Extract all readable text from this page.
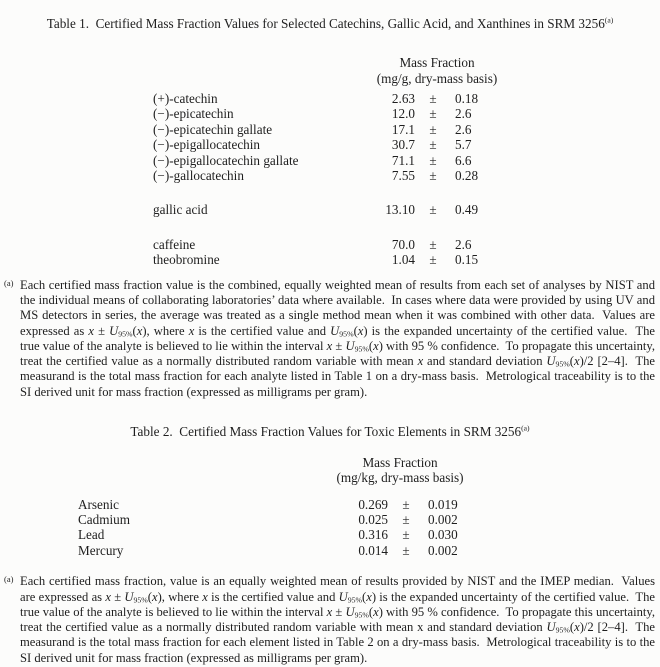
Table 1.  Certified Mass Fraction Values for Selected Catechins, Gallic Acid, and Xanthines in SRM 3256$^{(a)}$
Mass Fraction
(mg/g, dry-mass basis)
(+)-catechin	2.63	±	0.18
(−)-epicatechin	12.0	±	2.6
(−)-epicatechin gallate	17.1	±	2.6
(−)-epigallocatechin	30.7	±	5.7
(−)-epigallocatechin gallate	71.1	±	6.6
(−)-gallocatechin	7.55	±	0.28
gallic acid	13.10	±	0.49
caffeine	70.0	±	2.6
theobromine	1.04	±	0.15
(a) Each certified mass fraction value is the combined, equally weighted mean of results from each set of analyses by NIST and the individual means of collaborating laboratories’ data where available.  In cases where data were provided by using UV and MS detectors in series, the average was treated as a single method mean when it was combined with other data.  Values are expressed as $x \pm U_{95\%}(x)$, where x is the certified value and $U_{95\%}(x)$ is the expanded uncertainty of the certified value.  The true value of the analyte is believed to lie within the interval $x \pm U_{95\%}(x)$ with 95 % confidence.  To propagate this uncertainty, treat the certified value as a normally distributed random variable with mean x and standard deviation $U_{95\%}(x)/2$ [2–4].  The measurand is the total mass fraction for each analyte listed in Table 1 on a dry-mass basis.  Metrological traceability is to the SI derived unit for mass fraction (expressed as milligrams per gram).
Table 2.  Certified Mass Fraction Values for Toxic Elements in SRM 3256$^{(a)}$
Mass Fraction
(mg/kg, dry-mass basis)
Arsenic	0.269	±	0.019
Cadmium	0.025	±	0.002
Lead	0.316	±	0.030
Mercury	0.014	±	0.002
(a) Each certified mass fraction, value is an equally weighted mean of results provided by NIST and the IMEP median.  Values are expressed as $x \pm U_{95\%}(x)$, where x is the certified value and $U_{95\%}(x)$ is the expanded uncertainty of the certified value.  The true value of the analyte is believed to lie within the interval $x \pm U_{95\%}(x)$ with 95 % confidence.  To propagate this uncertainty, treat the certified value as a normally distributed random variable with mean x and standard deviation $U_{95\%}(x)/2$ [2–4].  The measurand is the total mass fraction for each element listed in Table 2 on a dry-mass basis.  Metrological traceability is to the SI derived unit for mass fraction (expressed as milligrams per gram).
